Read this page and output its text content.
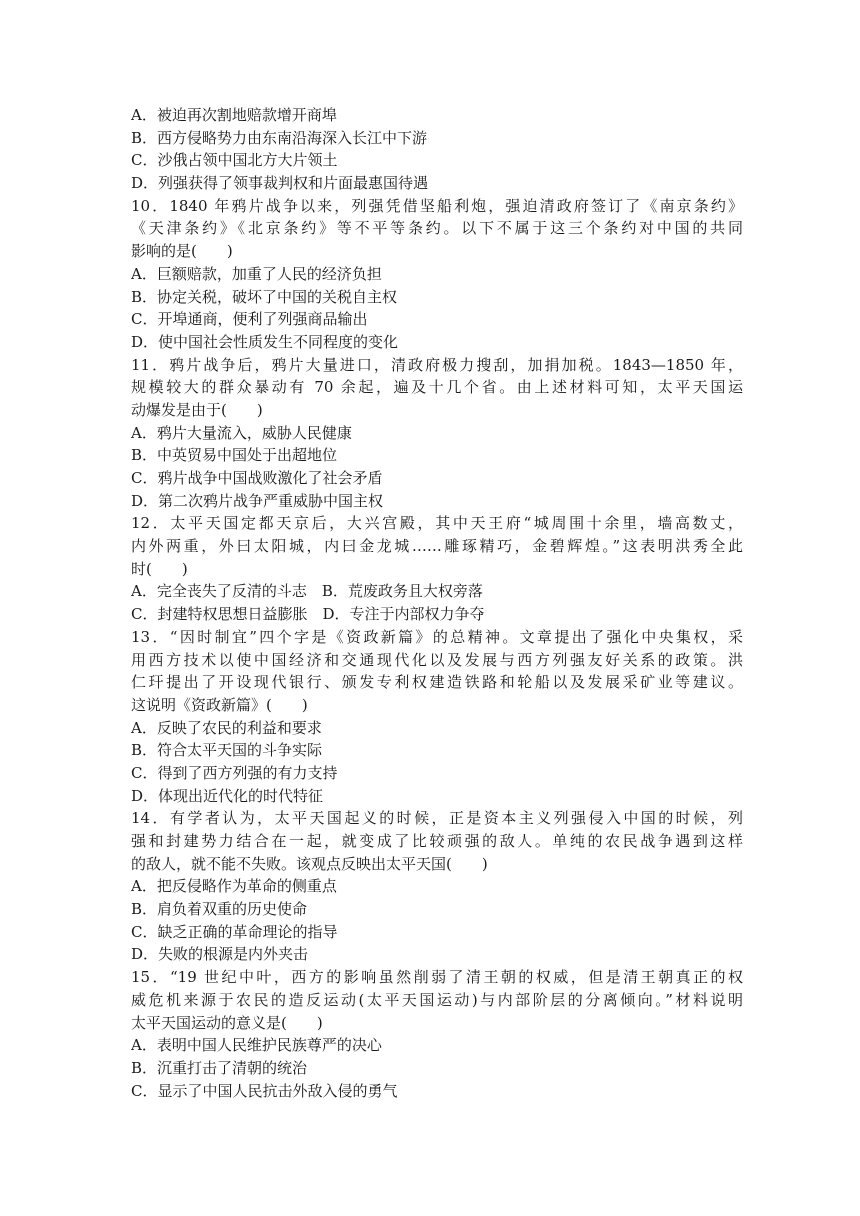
A．被迫再次割地赔款增开商埠
B．西方侵略势力由东南沿海深入长江中下游
C．沙俄占领中国北方大片领土
D．列强获得了领事裁判权和片面最惠国待遇
10．1840 年鸦片战争以来，列强凭借坚船利炮，强迫清政府签订了《南京条约》
《天津条约》《北京条约》等不平等条约。以下不属于这三个条约对中国的共同
影响的是(　　)
A．巨额赔款，加重了人民的经济负担
B．协定关税，破坏了中国的关税自主权
C．开埠通商，便利了列强商品输出
D．使中国社会性质发生不同程度的变化
11．鸦片战争后，鸦片大量进口，清政府极力搜刮，加捐加税。1843—1850 年，
规模较大的群众暴动有 70 余起，遍及十几个省。由上述材料可知，太平天国运
动爆发是由于(　　)
A．鸦片大量流入，威胁人民健康
B．中英贸易中国处于出超地位
C．鸦片战争中国战败激化了社会矛盾
D．第二次鸦片战争严重威胁中国主权
12．太平天国定都天京后，大兴宫殿，其中天王府“城周围十余里，墙高数丈，
内外两重，外曰太阳城，内曰金龙城……雕琢精巧，金碧辉煌。”这表明洪秀全此
时(　　)
A．完全丧失了反清的斗志　B．荒废政务且大权旁落
C．封建特权思想日益膨胀　D．专注于内部权力争夺
13．“因时制宜”四个字是《资政新篇》的总精神。文章提出了强化中央集权，采
用西方技术以使中国经济和交通现代化以及发展与西方列强友好关系的政策。洪
仁玕提出了开设现代银行、颁发专利权建造铁路和轮船以及发展采矿业等建议。
这说明《资政新篇》(　　)
A．反映了农民的利益和要求
B．符合太平天国的斗争实际
C．得到了西方列强的有力支持
D．体现出近代化的时代特征
14．有学者认为，太平天国起义的时候，正是资本主义列强侵入中国的时候，列
强和封建势力结合在一起，就变成了比较顽强的敌人。单纯的农民战争遇到这样
的敌人，就不能不失败。该观点反映出太平天国(　　)
A．把反侵略作为革命的侧重点
B．肩负着双重的历史使命
C．缺乏正确的革命理论的指导
D．失败的根源是内外夹击
15．“19 世纪中叶，西方的影响虽然削弱了清王朝的权威，但是清王朝真正的权
威危机来源于农民的造反运动(太平天国运动)与内部阶层的分离倾向。”材料说明
太平天国运动的意义是(　　)
A．表明中国人民维护民族尊严的决心
B．沉重打击了清朝的统治
C．显示了中国人民抗击外敌入侵的勇气
